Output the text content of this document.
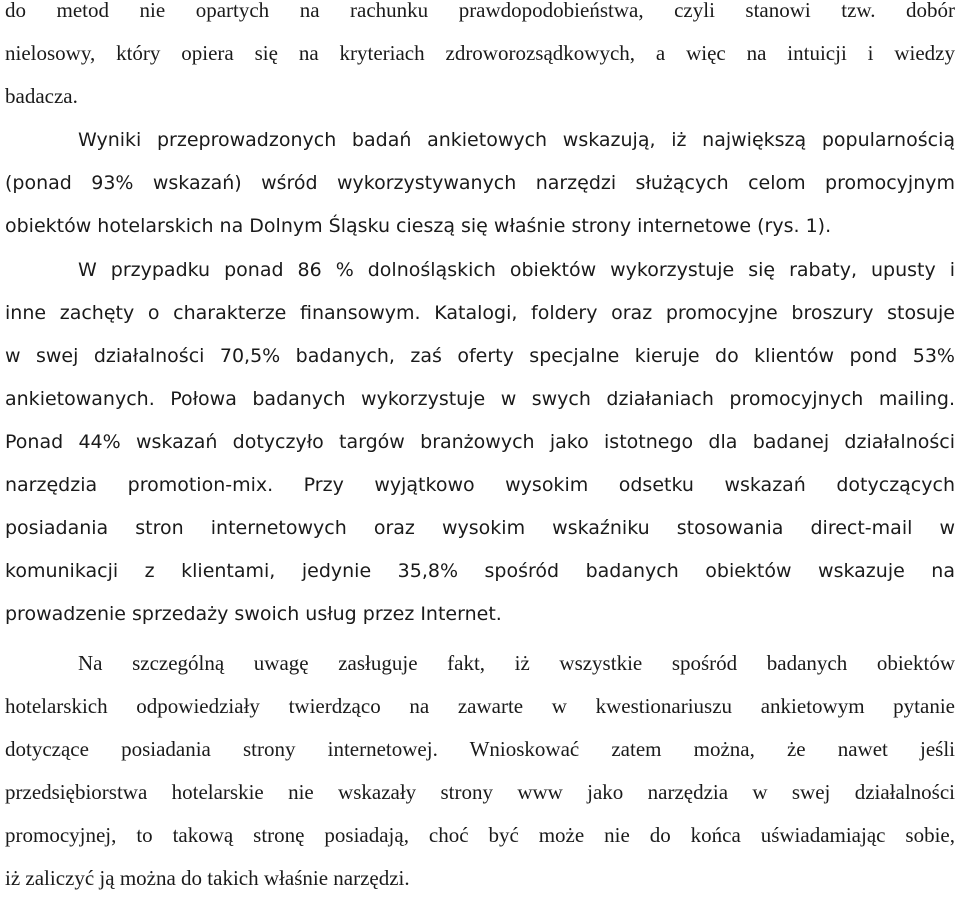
do metod nie opartych na rachunku prawdopodobieństwa, czyli stanowi tzw. dobór
nielosowy, który opiera się na kryteriach zdroworozsądkowych, a więc na intuicji i wiedzy
badacza.
Wyniki przeprowadzonych badań ankietowych wskazują, iż największą popularnością
(ponad 93% wskazań) wśród wykorzystywanych narzędzi służących celom promocyjnym
obiektów hotelarskich na Dolnym Śląsku cieszą się właśnie strony internetowe (rys. 1).
W przypadku ponad 86 % dolnośląskich obiektów wykorzystuje się rabaty, upusty i
inne zachęty o charakterze finansowym. Katalogi, foldery oraz promocyjne broszury stosuje
w swej działalności 70,5% badanych, zaś oferty specjalne kieruje do klientów pond 53%
ankietowanych. Połowa badanych wykorzystuje w swych działaniach promocyjnych mailing.
Ponad 44% wskazań dotyczyło targów branżowych jako istotnego dla badanej działalności
narzędzia promotion-mix. Przy wyjątkowo wysokim odsetku wskazań dotyczących
posiadania stron internetowych oraz wysokim wskaźniku stosowania direct-mail w
komunikacji z klientami, jedynie 35,8% spośród badanych obiektów wskazuje na
prowadzenie sprzedaży swoich usług przez Internet.
Na szczególną uwagę zasługuje fakt, iż wszystkie spośród badanych obiektów
hotelarskich odpowiedziały twierdząco na zawarte w kwestionariuszu ankietowym pytanie
dotyczące posiadania strony internetowej. Wnioskować zatem można, że nawet jeśli
przedsiębiorstwa hotelarskie nie wskazały strony www jako narzędzia w swej działalności
promocyjnej, to takową stronę posiadają, choć być może nie do końca uświadamiając sobie,
iż zaliczyć ją można do takich właśnie narzędzi.
